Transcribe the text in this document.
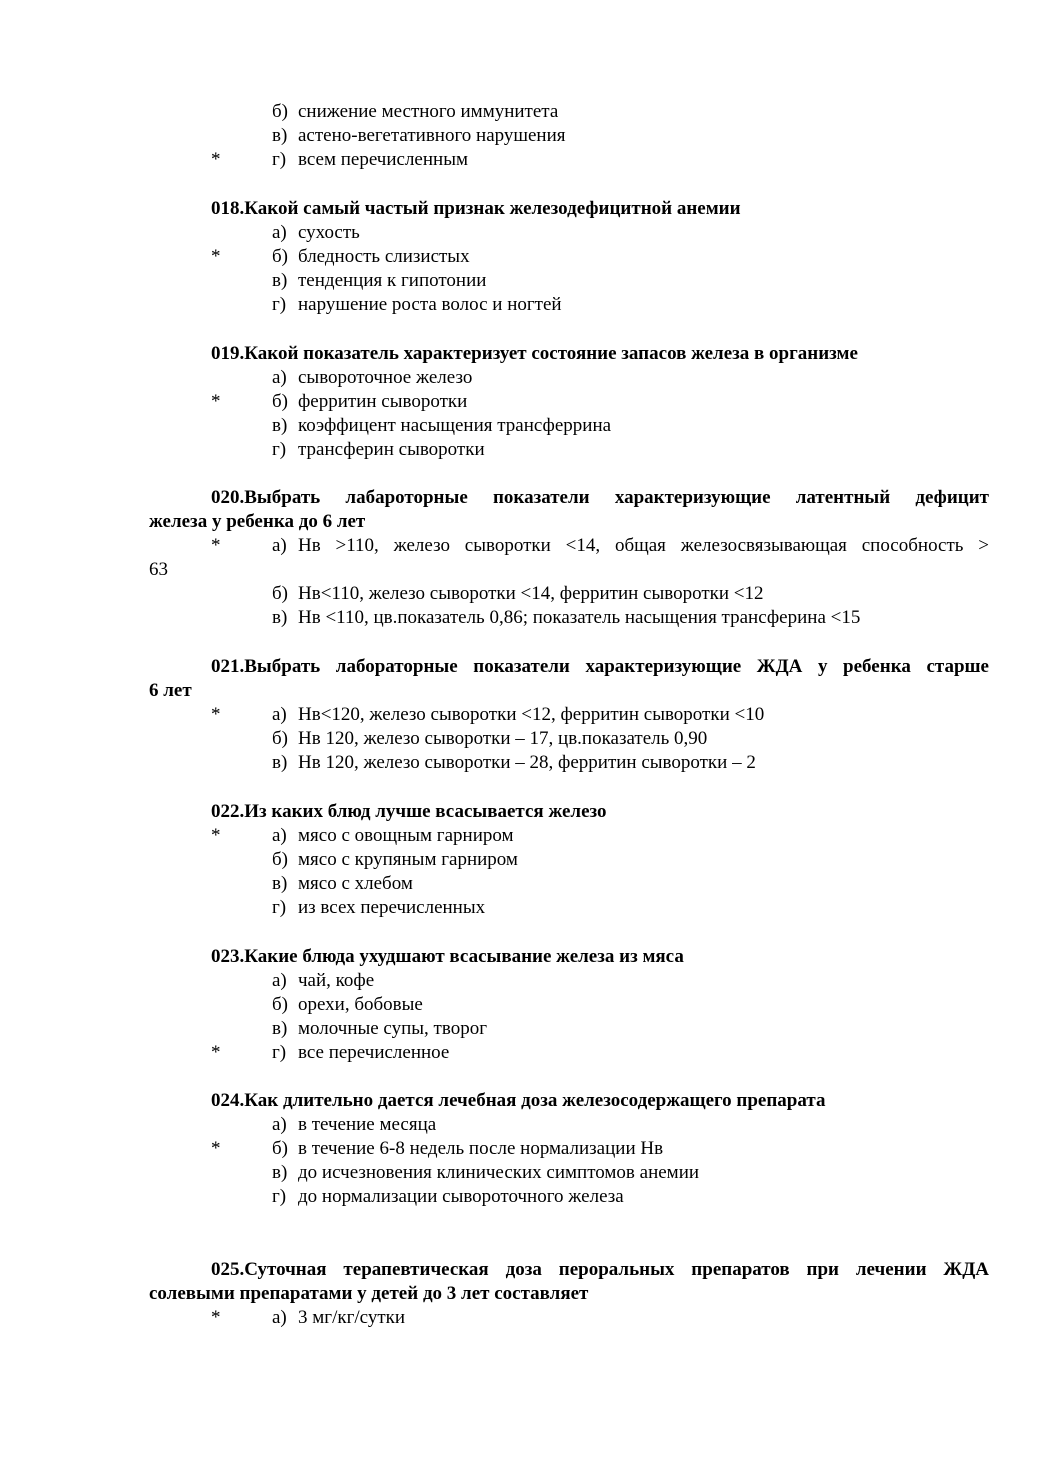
б) снижение местного иммунитета
в) астено-вегетативного нарушения
*	г) всем перечисленным
018.Какой самый частый признак железодефицитной анемии
а) сухость
*	б) бледность слизистых
в) тенденция к гипотонии
г) нарушение роста волос и ногтей
019.Какой показатель характеризует состояние запасов железа в организме
а) сывороточное железо
*	б) ферритин сыворотки
в) коэффицент насыщения трансферрина
г) трансферин сыворотки
020.Выбрать лабароторные показатели характеризующие латентный дефицит
железа у ребенка до 6 лет
*	а) Нв >110, железо сыворотки <14, общая железосвязывающая способность >
63
б) Нв<110, железо сыворотки <14, ферритин сыворотки <12
в) Нв <110, цв.показатель 0,86; показатель насыщения трансферина <15
021.Выбрать лабораторные показатели характеризующие ЖДА у ребенка старше
6 лет
*	а) Нв<120, железо сыворотки <12, ферритин сыворотки <10
б) Нв 120, железо сыворотки – 17, цв.показатель 0,90
в) Нв 120, железо сыворотки – 28, ферритин сыворотки – 2
022.Из каких блюд лучше всасывается железо
*	а) мясо с овощным гарниром
б) мясо с крупяным гарниром
в) мясо с хлебом
г) из всех перечисленных
023.Какие блюда ухудшают всасывание железа из мяса
а) чай, кофе
б) орехи, бобовые
в) молочные супы, творог
*	г) все перечисленное
024.Как длительно дается лечебная доза железосодержащего препарата
а) в течение месяца
*	б) в течение 6-8 недель после нормализации Нв
в) до исчезновения клинических симптомов анемии
г) до нормализации сывороточного железа
025.Суточная терапевтическая доза пероральных препаратов при лечении ЖДА
солевыми препаратами у детей до 3 лет составляет
*	а) 3 мг/кг/сутки
